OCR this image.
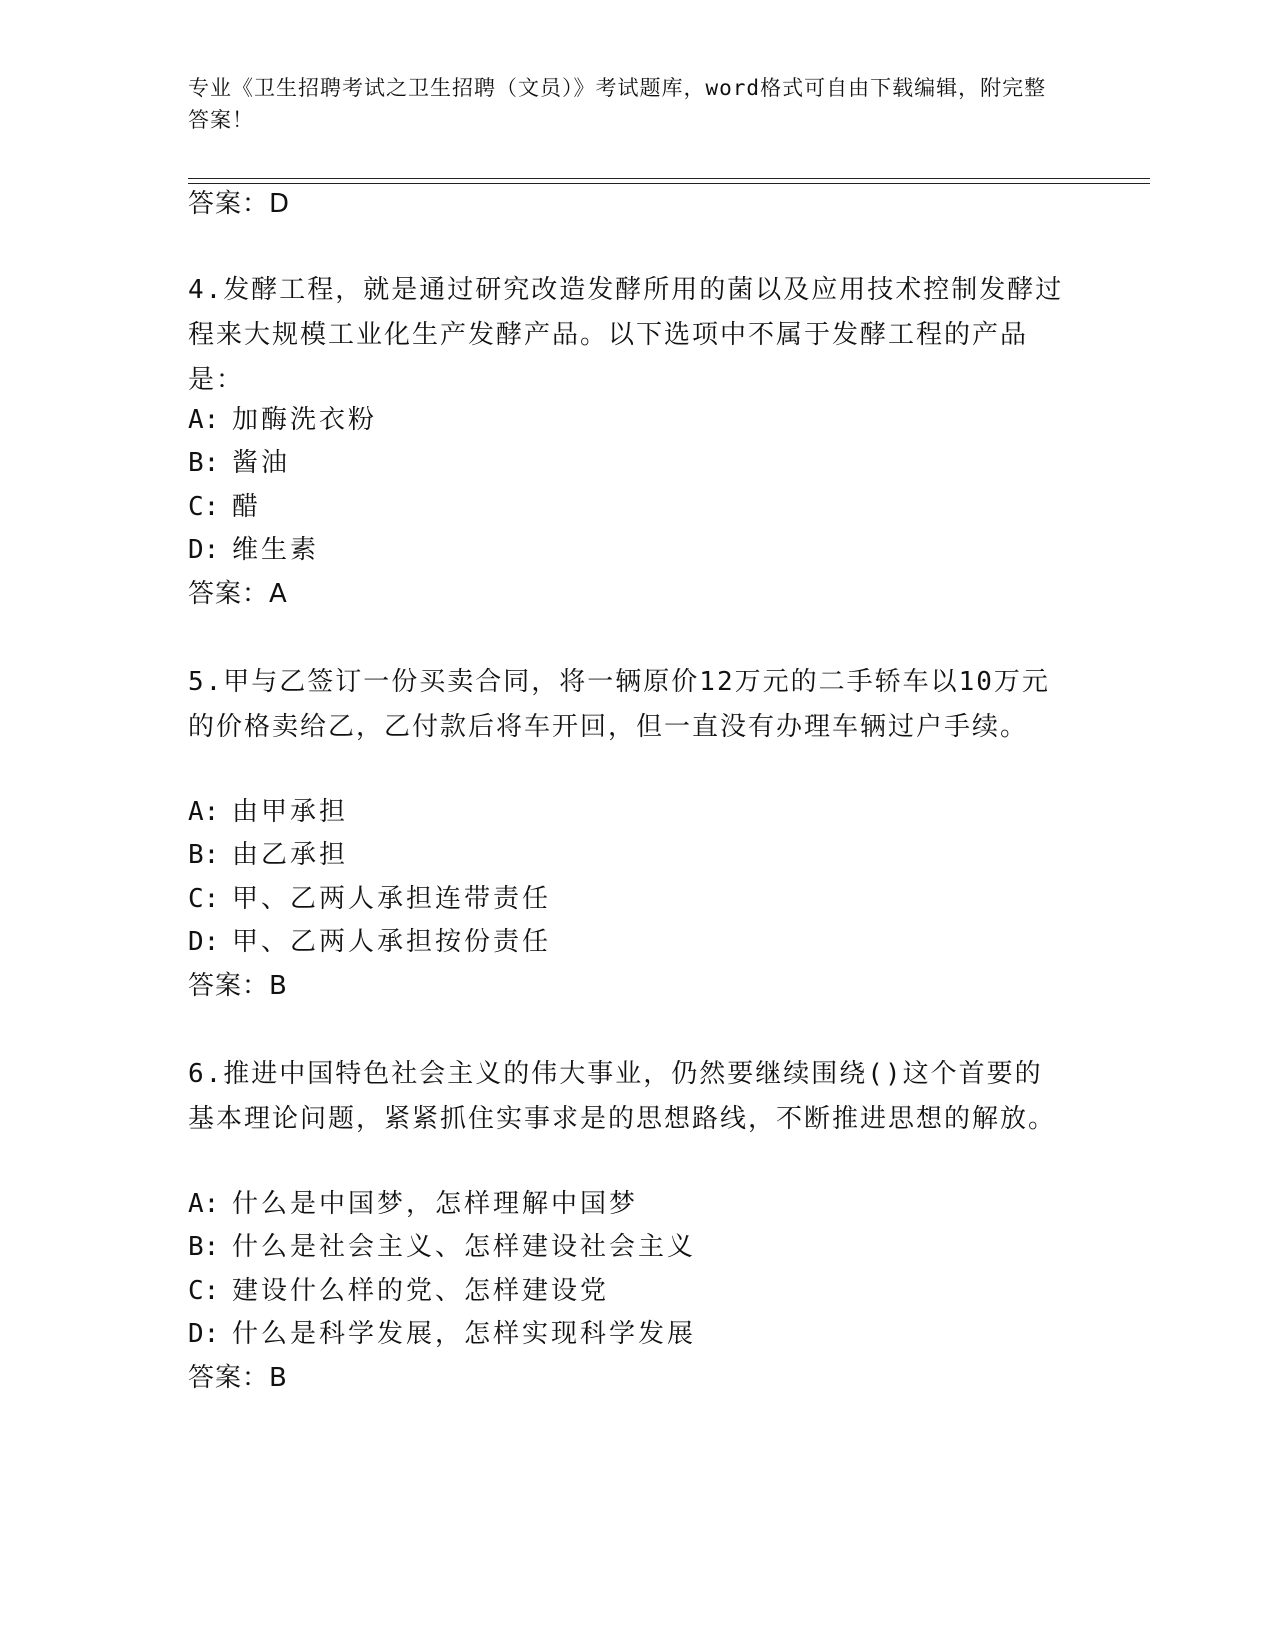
专业《卫生招聘考试之卫生招聘（文员）》考试题库，word格式可自由下载编辑，附完整答案！
答案：D
4.发酵工程，就是通过研究改造发酵所用的菌以及应用技术控制发酵过程来大规模工业化生产发酵产品。以下选项中不属于发酵工程的产品是：
A: 加酶洗衣粉
B: 酱油
C: 醋
D: 维生素
答案：A
5.甲与乙签订一份买卖合同，将一辆原价12万元的二手轿车以10万元的价格卖给乙，乙付款后将车开回，但一直没有办理车辆过户手续。
A: 由甲承担
B: 由乙承担
C: 甲、乙两人承担连带责任
D: 甲、乙两人承担按份责任
答案：B
6.推进中国特色社会主义的伟大事业，仍然要继续围绕()这个首要的基本理论问题，紧紧抓住实事求是的思想路线，不断推进思想的解放。
A: 什么是中国梦，怎样理解中国梦
B: 什么是社会主义、怎样建设社会主义
C: 建设什么样的党、怎样建设党
D: 什么是科学发展，怎样实现科学发展
答案：B
